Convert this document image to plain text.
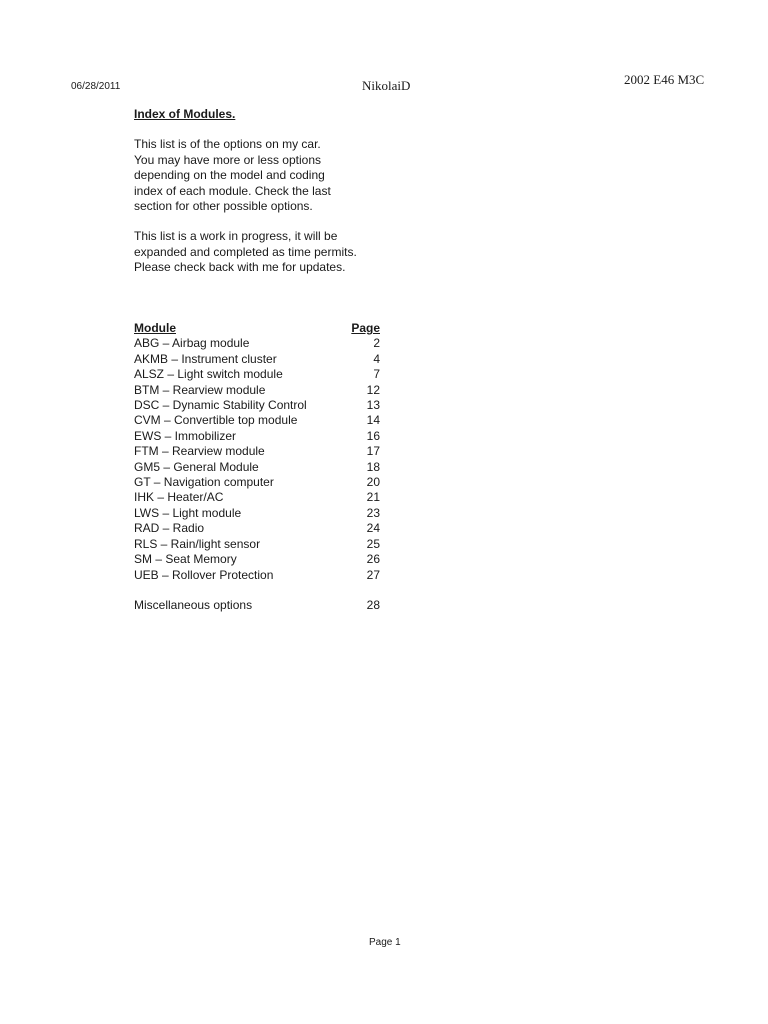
06/28/2011	NikolaiD	2002 E46 M3C
Index of Modules.
This list is of the options on my car.
You may have more or less options
depending on the model and coding
index of each module. Check the last
section for other possible options.
This list is a work in progress, it will be
expanded and completed as time permits.
Please check back with me for updates.
Module	Page
ABG – Airbag module	2
AKMB – Instrument cluster	4
ALSZ – Light switch module	7
BTM – Rearview module	12
DSC – Dynamic Stability Control	13
CVM – Convertible top module	14
EWS – Immobilizer	16
FTM – Rearview module	17
GM5 – General Module	18
GT – Navigation computer	20
IHK – Heater/AC	21
LWS – Light module	23
RAD – Radio	24
RLS – Rain/light sensor	25
SM – Seat Memory	26
UEB – Rollover Protection	27
Miscellaneous options	28
Page 1
